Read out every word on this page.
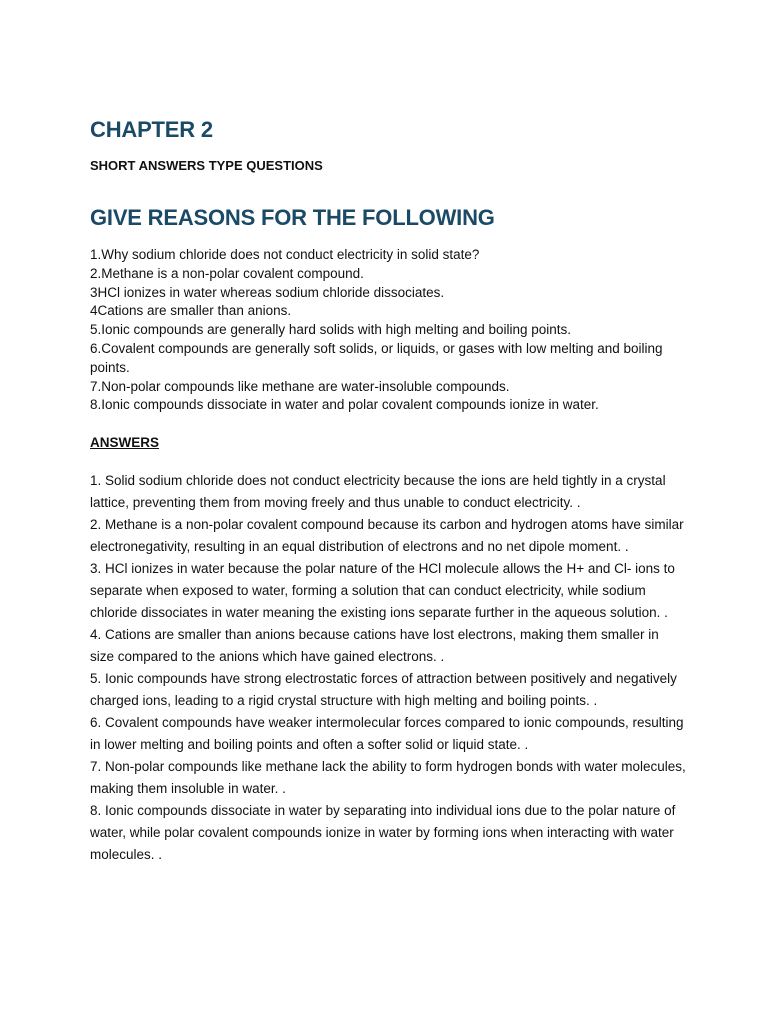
CHAPTER 2
SHORT ANSWERS TYPE QUESTIONS
GIVE REASONS FOR THE FOLLOWING
1.Why sodium chloride does not conduct electricity in solid state?
2.Methane is a non-polar covalent compound.
3HCl ionizes in water whereas sodium chloride dissociates.
4Cations are smaller than anions.
5.Ionic compounds are generally hard solids with high melting and boiling points.
6.Covalent compounds are generally soft solids, or liquids, or gases with low melting and boiling points.
7.Non-polar compounds like methane are water-insoluble compounds.
8.Ionic compounds dissociate in water and polar covalent compounds ionize in water.
ANSWERS
1. Solid sodium chloride does not conduct electricity because the ions are held tightly in a crystal lattice, preventing them from moving freely and thus unable to conduct electricity. .
2. Methane is a non-polar covalent compound because its carbon and hydrogen atoms have similar electronegativity, resulting in an equal distribution of electrons and no net dipole moment. .
3. HCl ionizes in water because the polar nature of the HCl molecule allows the H+ and Cl- ions to separate when exposed to water, forming a solution that can conduct electricity, while sodium chloride dissociates in water meaning the existing ions separate further in the aqueous solution. .
4. Cations are smaller than anions because cations have lost electrons, making them smaller in size compared to the anions which have gained electrons. .
5. Ionic compounds have strong electrostatic forces of attraction between positively and negatively charged ions, leading to a rigid crystal structure with high melting and boiling points. .
6. Covalent compounds have weaker intermolecular forces compared to ionic compounds, resulting in lower melting and boiling points and often a softer solid or liquid state. .
7. Non-polar compounds like methane lack the ability to form hydrogen bonds with water molecules, making them insoluble in water. .
8. Ionic compounds dissociate in water by separating into individual ions due to the polar nature of water, while polar covalent compounds ionize in water by forming ions when interacting with water molecules. .
